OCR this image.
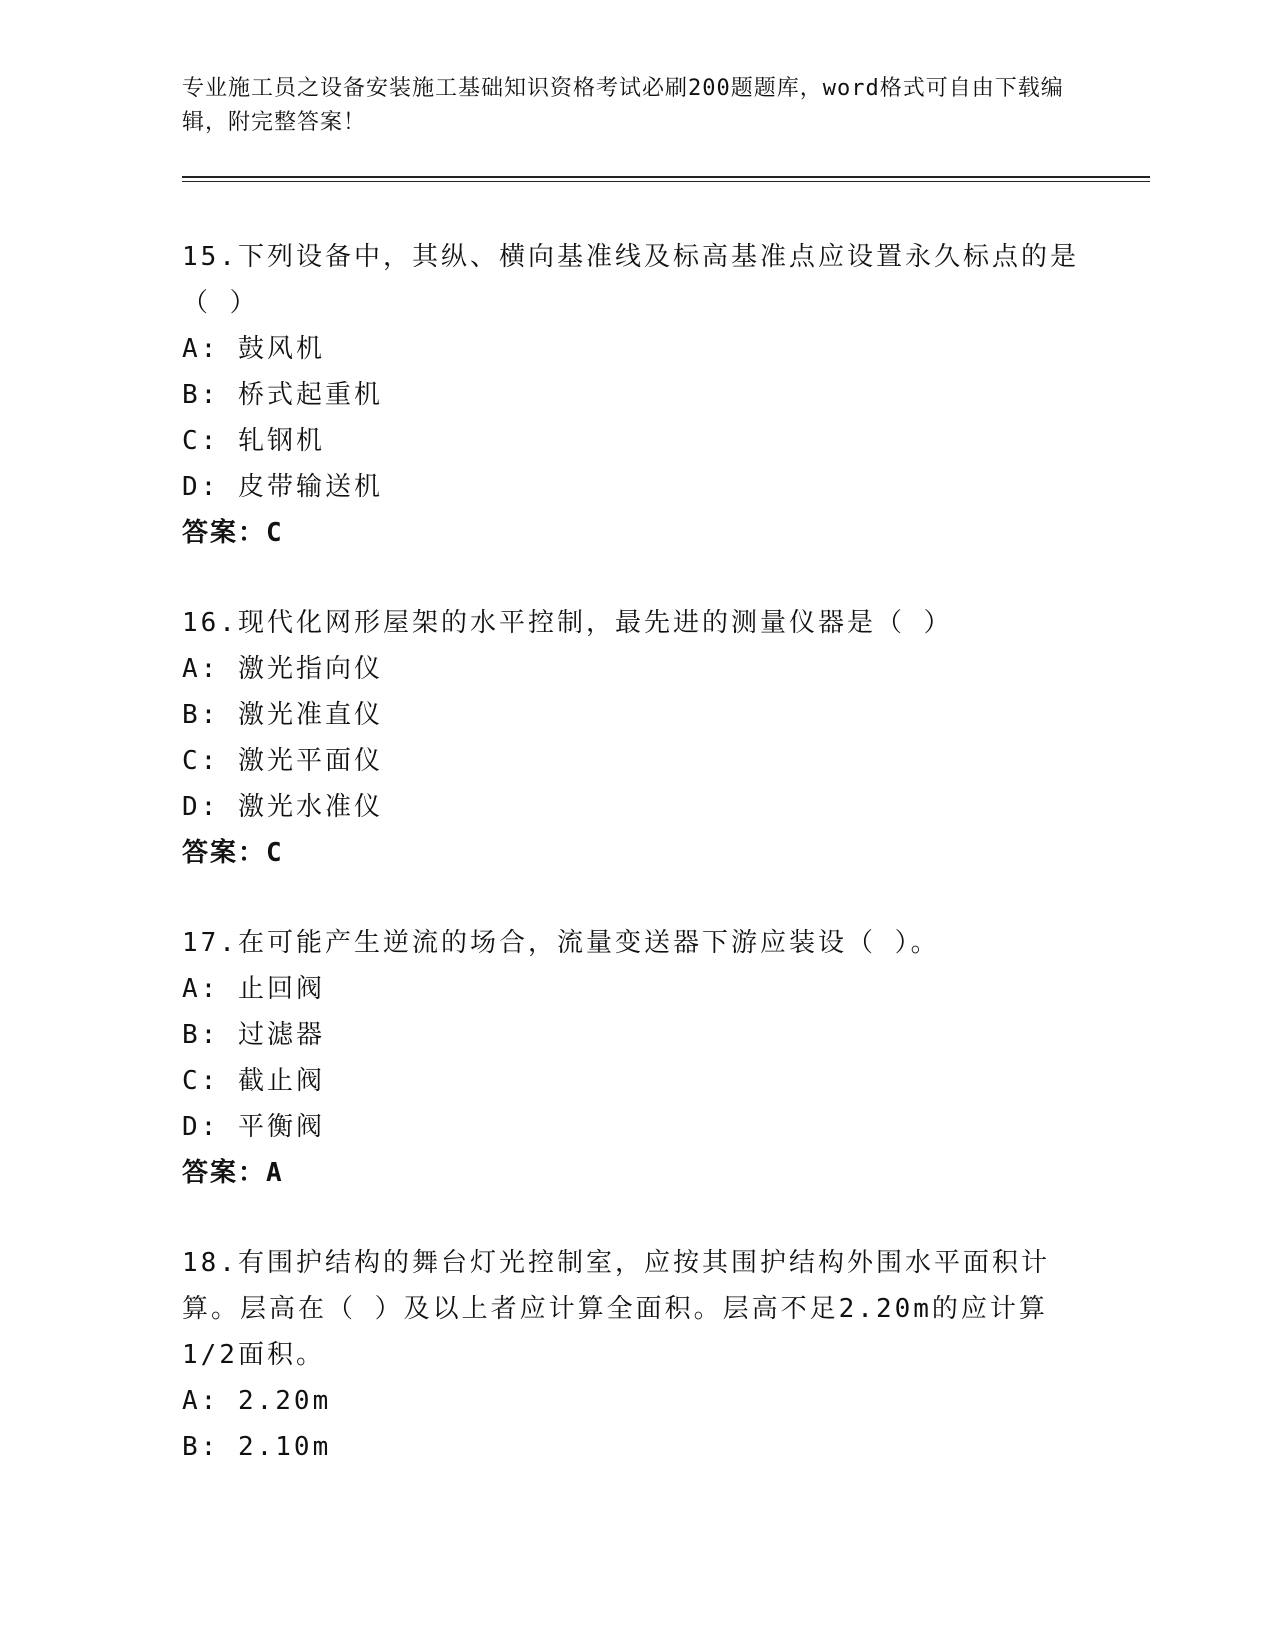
专业施工员之设备安装施工基础知识资格考试必刷200题题库，word格式可自由下载编辑，附完整答案！
15.下列设备中，其纵、横向基准线及标高基准点应设置永久标点的是（ ）
A: 鼓风机
B: 桥式起重机
C: 轧钢机
D: 皮带输送机
答案：C
16.现代化网形屋架的水平控制，最先进的测量仪器是（ ）
A: 激光指向仪
B: 激光准直仪
C: 激光平面仪
D: 激光水准仪
答案：C
17.在可能产生逆流的场合，流量变送器下游应装设（ ）。
A: 止回阀
B: 过滤器
C: 截止阀
D: 平衡阀
答案：A
18.有围护结构的舞台灯光控制室，应按其围护结构外围水平面积计算。层高在（ ）及以上者应计算全面积。层高不足2.20m的应计算1/2面积。
A: 2.20m
B: 2.10m
